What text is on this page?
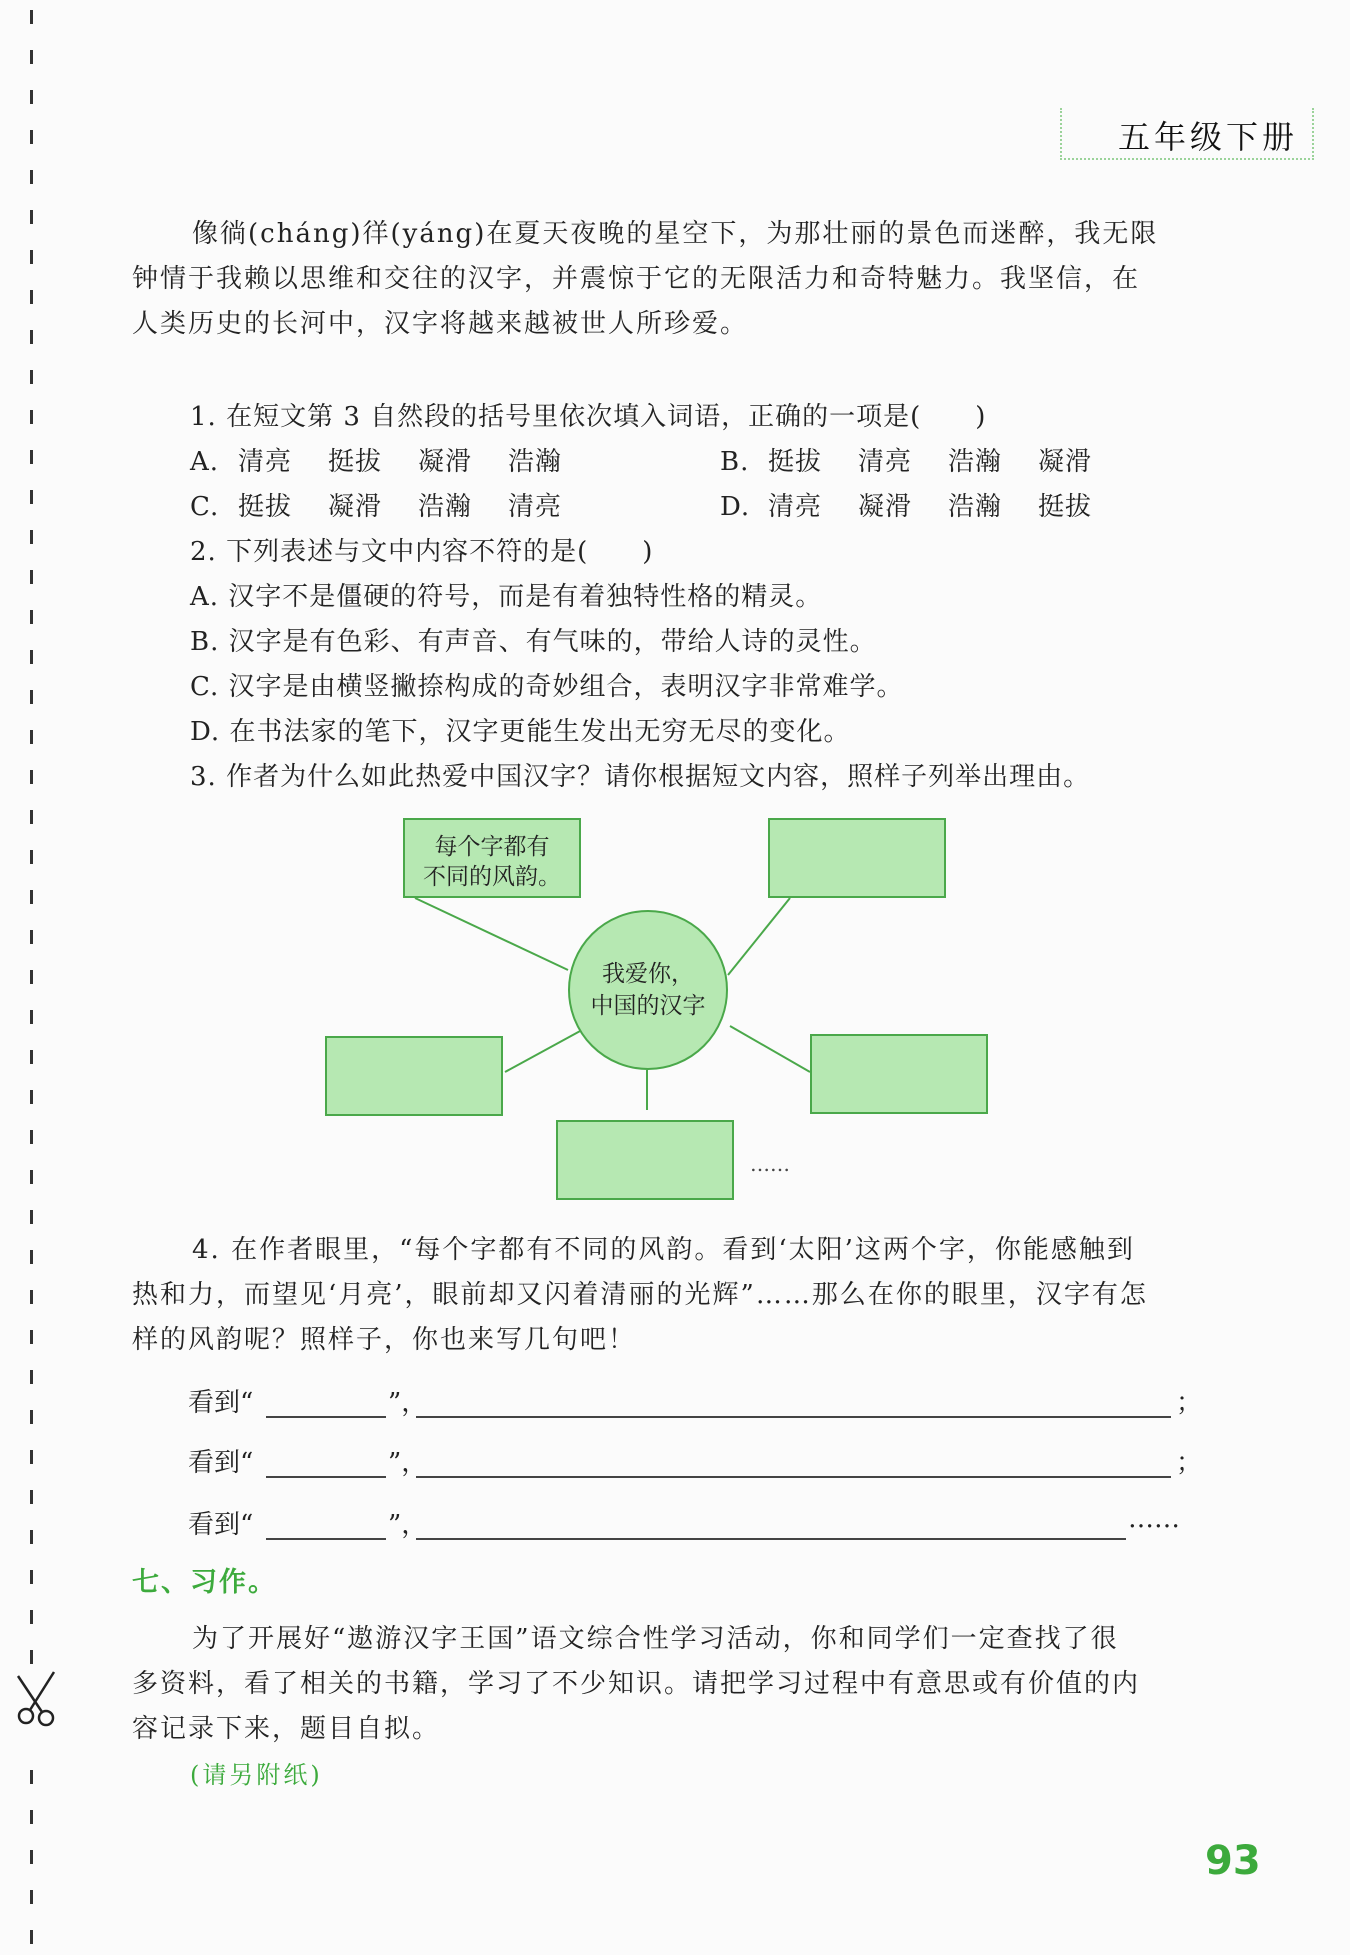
五年级下册
像徜(cháng)徉(yáng)在夏天夜晚的星空下，为那壮丽的景色而迷醉，我无限
钟情于我赖以思维和交往的汉字，并震惊于它的无限活力和奇特魅力。我坚信，在
人类历史的长河中，汉字将越来越被世人所珍爱。

1. 在短文第 3 自然段的括号里依次填入词语，正确的一项是(　　)

A. 清亮 挺拔 凝滑 浩瀚	B. 挺拔 清亮 浩瀚 凝滑

C. 挺拔 凝滑 浩瀚 清亮	D. 清亮 凝滑 浩瀚 挺拔

2. 下列表述与文中内容不符的是(　　)

A. 汉字不是僵硬的符号，而是有着独特性格的精灵。

B. 汉字是有色彩、有声音、有气味的，带给人诗的灵性。

C. 汉字是由横竖撇捺构成的奇妙组合，表明汉字非常难学。

D. 在书法家的笔下，汉字更能生发出无穷无尽的变化。

3. 作者为什么如此热爱中国汉字？请你根据短文内容，照样子列举出理由。

每个字都有
不同的风韵。
我爱你，
中国的汉字
……
4. 在作者眼里，“每个字都有不同的风韵。看到‘太阳’这两个字，你能感触到
热和力，而望见‘月亮’，眼前却又闪着清丽的光辉”……那么在你的眼里，汉字有怎
样的风韵呢？照样子，你也来写几句吧！
看到“	”，	；
看到“	”，	；
看到“	”，	……
七、习作。
为了开展好“遨游汉字王国”语文综合性学习活动，你和同学们一定查找了很
多资料，看了相关的书籍，学习了不少知识。请把学习过程中有意思或有价值的内
容记录下来，题目自拟。
(请另附纸)
93
